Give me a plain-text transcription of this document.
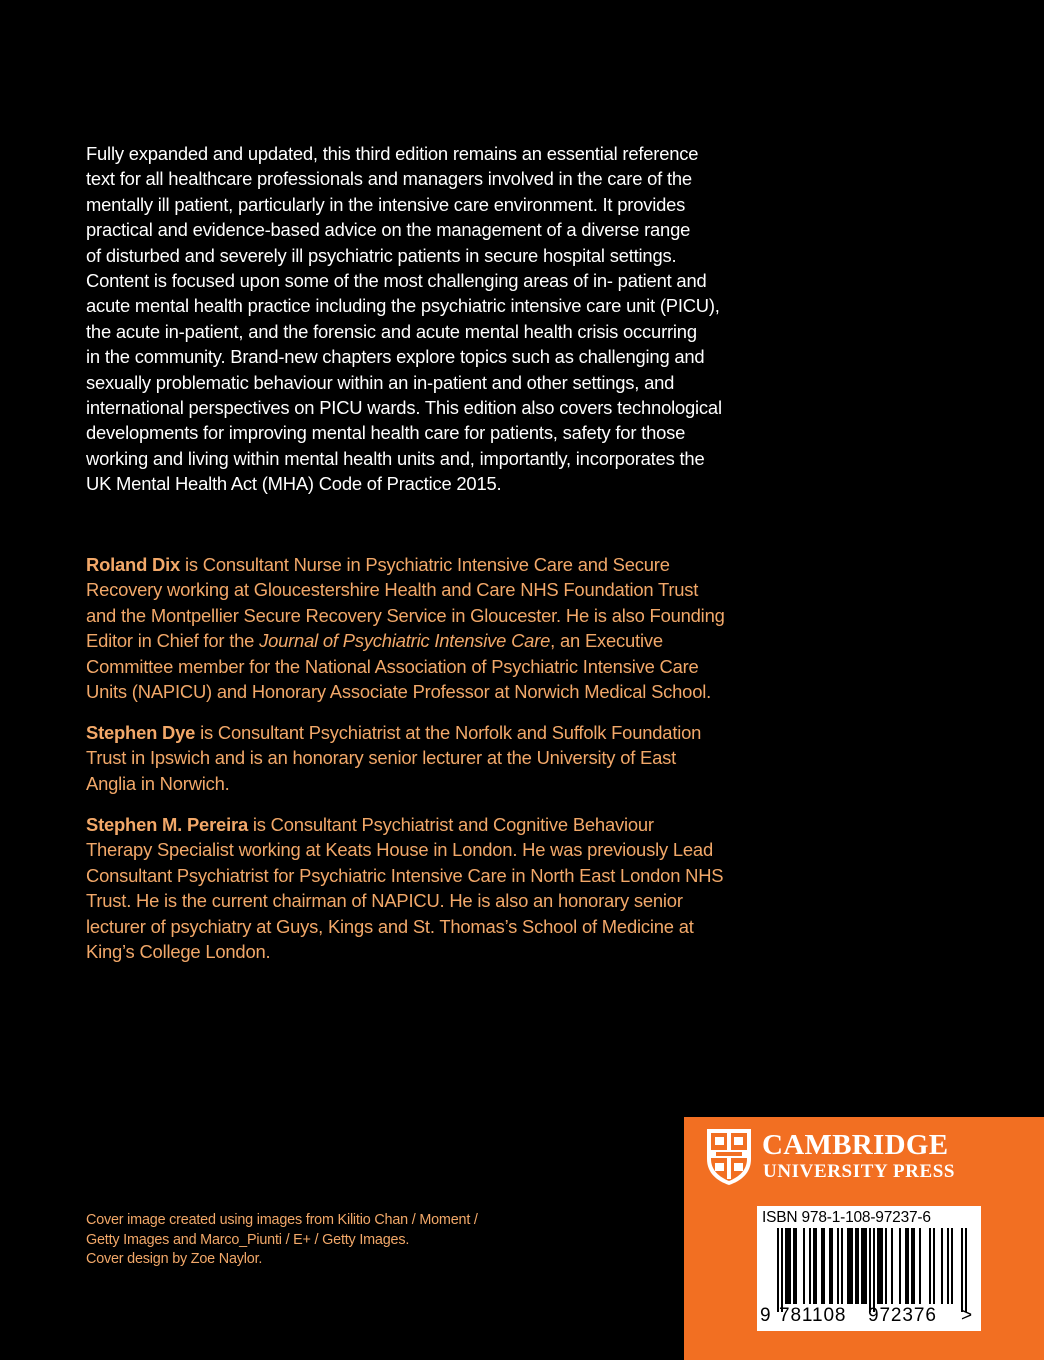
Fully expanded and updated, this third edition remains an essential reference
text for all healthcare professionals and managers involved in the care of the
mentally ill patient, particularly in the intensive care environment. It provides
practical and evidence-based advice on the management of a diverse range
of disturbed and severely ill psychiatric patients in secure hospital settings.
Content is focused upon some of the most challenging areas of in- patient and
acute mental health practice including the psychiatric intensive care unit (PICU),
the acute in-patient, and the forensic and acute mental health crisis occurring
in the community. Brand-new chapters explore topics such as challenging and
sexually problematic behaviour within an in-patient and other settings, and
international perspectives on PICU wards. This edition also covers technological
developments for improving mental health care for patients, safety for those
working and living within mental health units and, importantly, incorporates the
UK Mental Health Act (MHA) Code of Practice 2015.

Roland Dix is Consultant Nurse in Psychiatric Intensive Care and Secure
Recovery working at Gloucestershire Health and Care NHS Foundation Trust
and the Montpellier Secure Recovery Service in Gloucester. He is also Founding
Editor in Chief for the Journal of Psychiatric Intensive Care, an Executive
Committee member for the National Association of Psychiatric Intensive Care
Units (NAPICU) and Honorary Associate Professor at Norwich Medical School.

Stephen Dye is Consultant Psychiatrist at the Norfolk and Suffolk Foundation
Trust in Ipswich and is an honorary senior lecturer at the University of East
Anglia in Norwich.

Stephen M. Pereira is Consultant Psychiatrist and Cognitive Behaviour
Therapy Specialist working at Keats House in London. He was previously Lead
Consultant Psychiatrist for Psychiatric Intensive Care in North East London NHS
Trust. He is the current chairman of NAPICU. He is also an honorary senior
lecturer of psychiatry at Guys, Kings and St. Thomas’s School of Medicine at
King’s College London.

Cover image created using images from Kilitio Chan / Moment /
Getty Images and Marco_Piunti / E+ / Getty Images.
Cover design by Zoe Naylor.

CAMBRIDGE

UNIVERSITY PRESS

ISBN 978-1-108-97237-6

9 781108 972376 >
